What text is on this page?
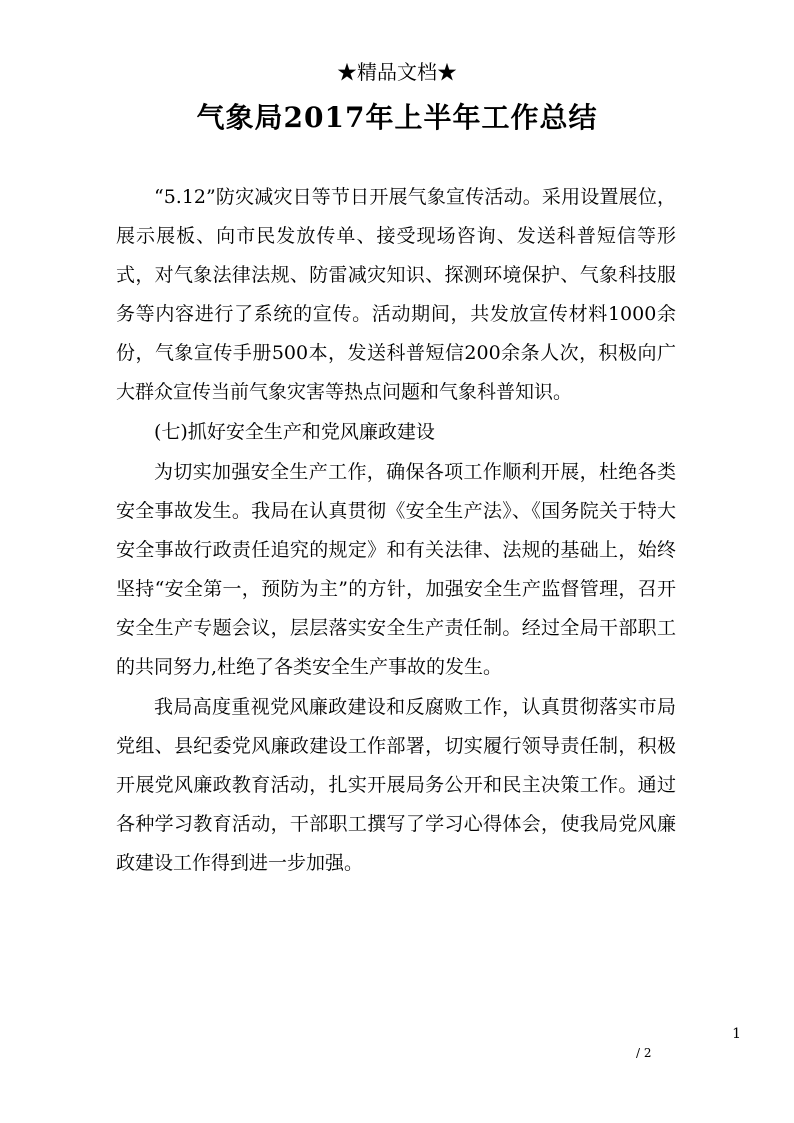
★精品文档★
气象局2017年上半年工作总结

“5.12”防灾减灾日等节日开展气象宣传活动。采用设置展位，展示展板、向市民发放传单、接受现场咨询、发送科普短信等形式，对气象法律法规、防雷减灾知识、探测环境保护、气象科技服务等内容进行了系统的宣传。活动期间，共发放宣传材料1000余份，气象宣传手册500本，发送科普短信200余条人次，积极向广大群众宣传当前气象灾害等热点问题和气象科普知识。

(七)抓好安全生产和党风廉政建设

为切实加强安全生产工作，确保各项工作顺利开展，杜绝各类安全事故发生。我局在认真贯彻《安全生产法》、《国务院关于特大安全事故行政责任追究的规定》和有关法律、法规的基础上，始终坚持“安全第一，预防为主”的方针，加强安全生产监督管理，召开安全生产专题会议，层层落实安全生产责任制。经过全局干部职工的共同努力,杜绝了各类安全生产事故的发生。

我局高度重视党风廉政建设和反腐败工作，认真贯彻落实市局党组、县纪委党风廉政建设工作部署，切实履行领导责任制，积极开展党风廉政教育活动，扎实开展局务公开和民主决策工作。通过各种学习教育活动，干部职工撰写了学习心得体会，使我局党风廉政建设工作得到进一步加强。

1
/ 2
